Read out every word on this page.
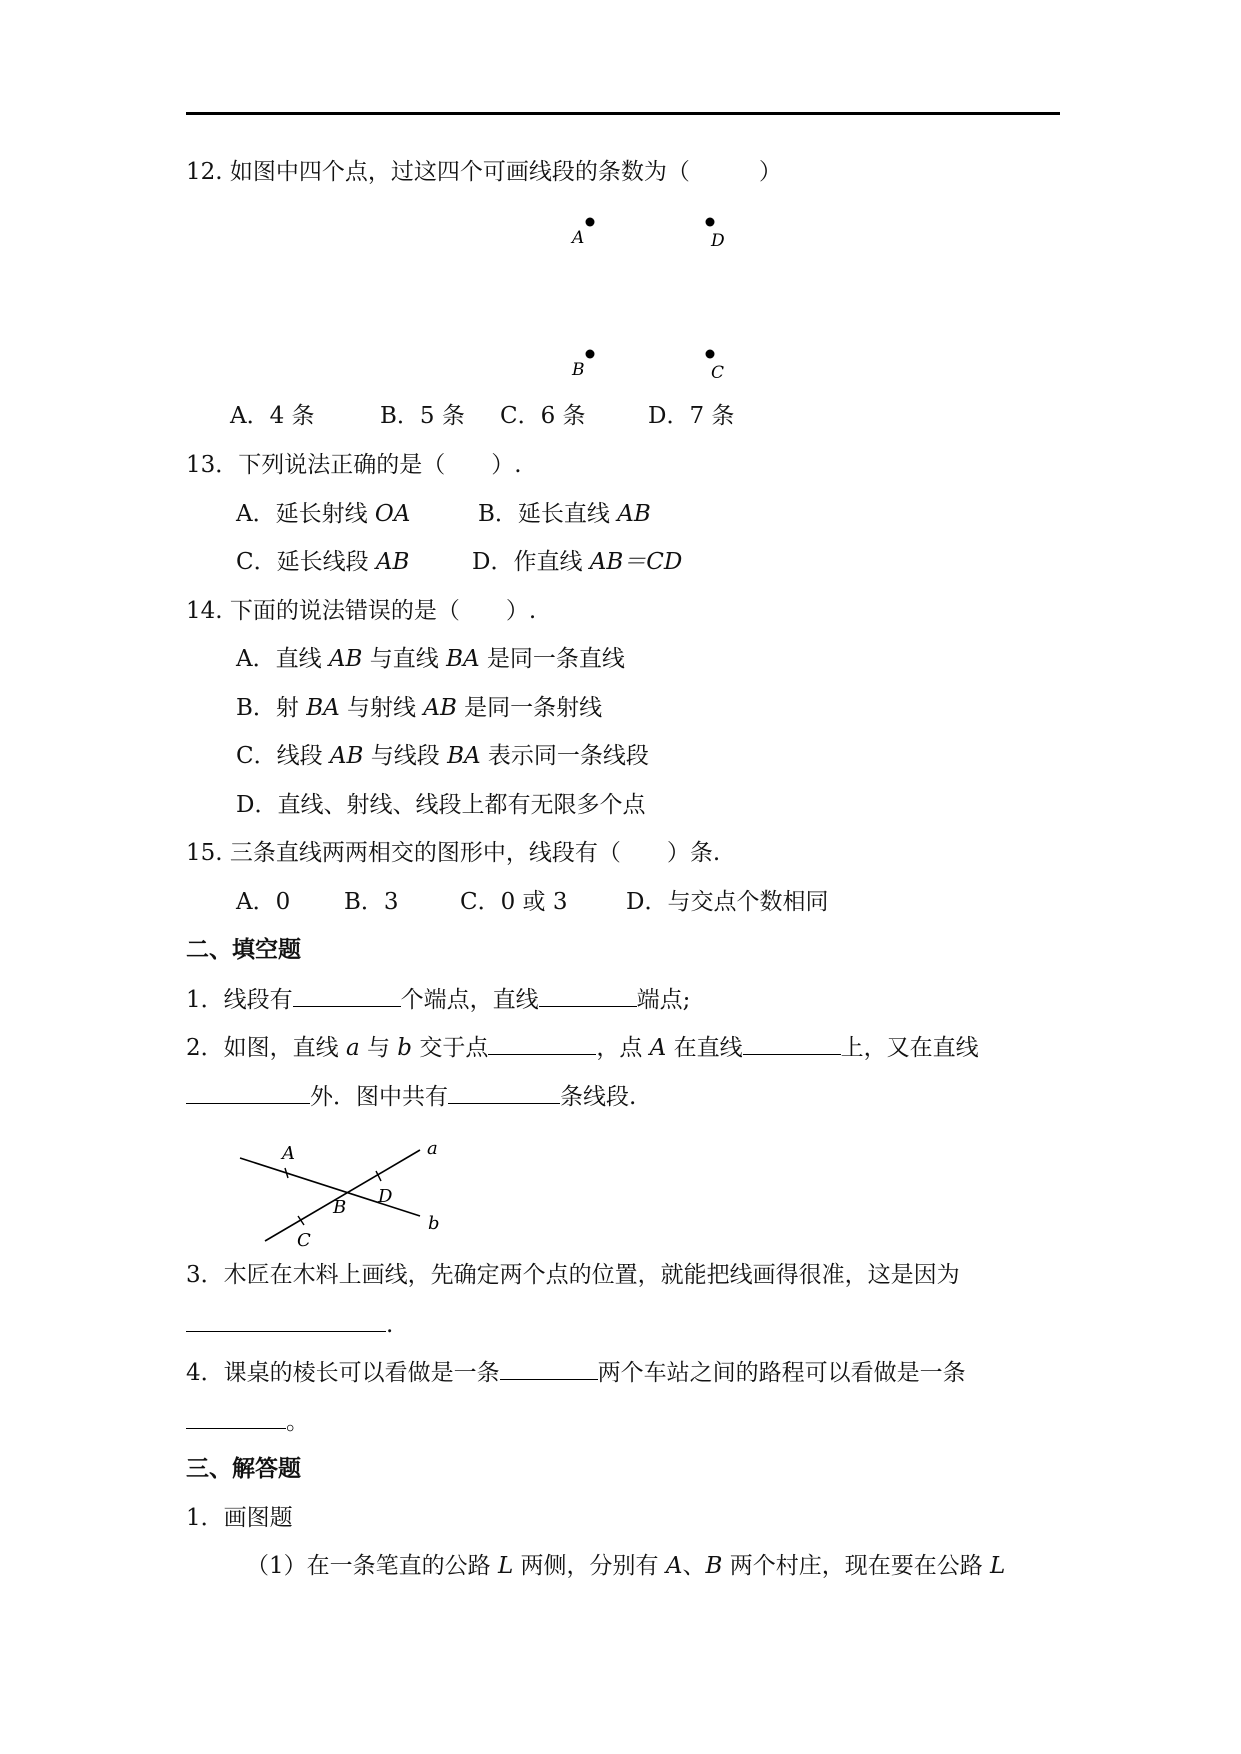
12. 如图中四个点，过这四个可画线段的条数为（　　　）
A	D
B	C
A．4 条	B．5 条 C．6 条	D．7 条
13．下列说法正确的是（　　）.
A．延长射线 OA	B．延长直线 AB
C．延长线段 AB	D．作直线 AB＝CD
14. 下面的说法错误的是（　　）.
A．直线 AB 与直线 BA 是同一条直线
B．射 BA 与射线 AB 是同一条射线
C．线段 AB 与线段 BA 表示同一条线段
D．直线、射线、线段上都有无限多个点
15. 三条直线两两相交的图形中，线段有（　　）条.
A．0 B．3	C．0 或 3	D．与交点个数相同
二、填空题
1．线段有	个端点，直线	端点;
2．如图，直线 a 与 b 交于点	，点 A 在直线	上，又在直线
外．图中共有	条线段.
A	a
D
B
b
C
3．木匠在木料上画线，先确定两个点的位置，就能把线画得很准，这是因为
.
4．课桌的棱长可以看做是一条	两个车站之间的路程可以看做是一条
。
三、解答题
1．画图题
（1）在一条笔直的公路 L 两侧，分别有 A、B 两个村庄，现在要在公路 L
